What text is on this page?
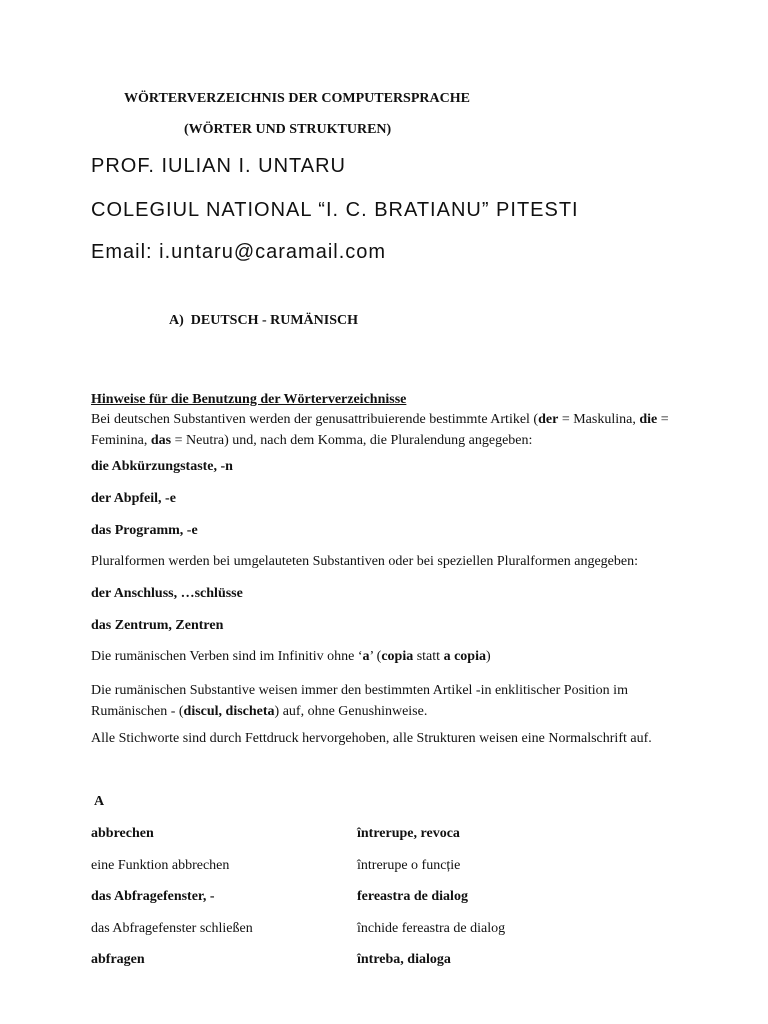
WÖRTERVERZEICHNIS DER COMPUTERSPRACHE
(WÖRTER UND STRUKTUREN)
PROF. IULIAN I. UNTARU
COLEGIUL NATIONAL “I. C. BRATIANU” PITESTI
Email: i.untaru@caramail.com
A) DEUTSCH - RUMÄNISCH
Hinweise für die Benutzung der Wörterverzeichnisse
Bei deutschen Substantiven werden der genusattribuierende bestimmte Artikel (der = Maskulina, die = Feminina, das = Neutra) und, nach dem Komma, die Pluralendung angegeben:
die Abkürzungstaste, -n
der Abpfeil, -e
das Programm, -e
Pluralformen werden bei umgelauteten Substantiven oder bei speziellen Pluralformen angegeben:
der Anschluss, …schlüsse
das Zentrum, Zentren
Die rumänischen Verben sind im Infinitiv ohne ‘a’ (copia statt a copia)
Die rumänischen Substantive weisen immer den bestimmten Artikel -in enklitischer Position im Rumänischen - (discul, discheta) auf, ohne Genushinweise.
Alle Stichworte sind durch Fettdruck hervorgehoben, alle Strukturen weisen eine Normalschrift auf.
A
abbrechen	întrerupe, revoca
eine Funktion abbrechen	întrerupe o funcție
das Abfragefenster, -	fereastra de dialog
das Abfragefenster schließen	închide fereastra de dialog
abfragen	întreba, dialoga
